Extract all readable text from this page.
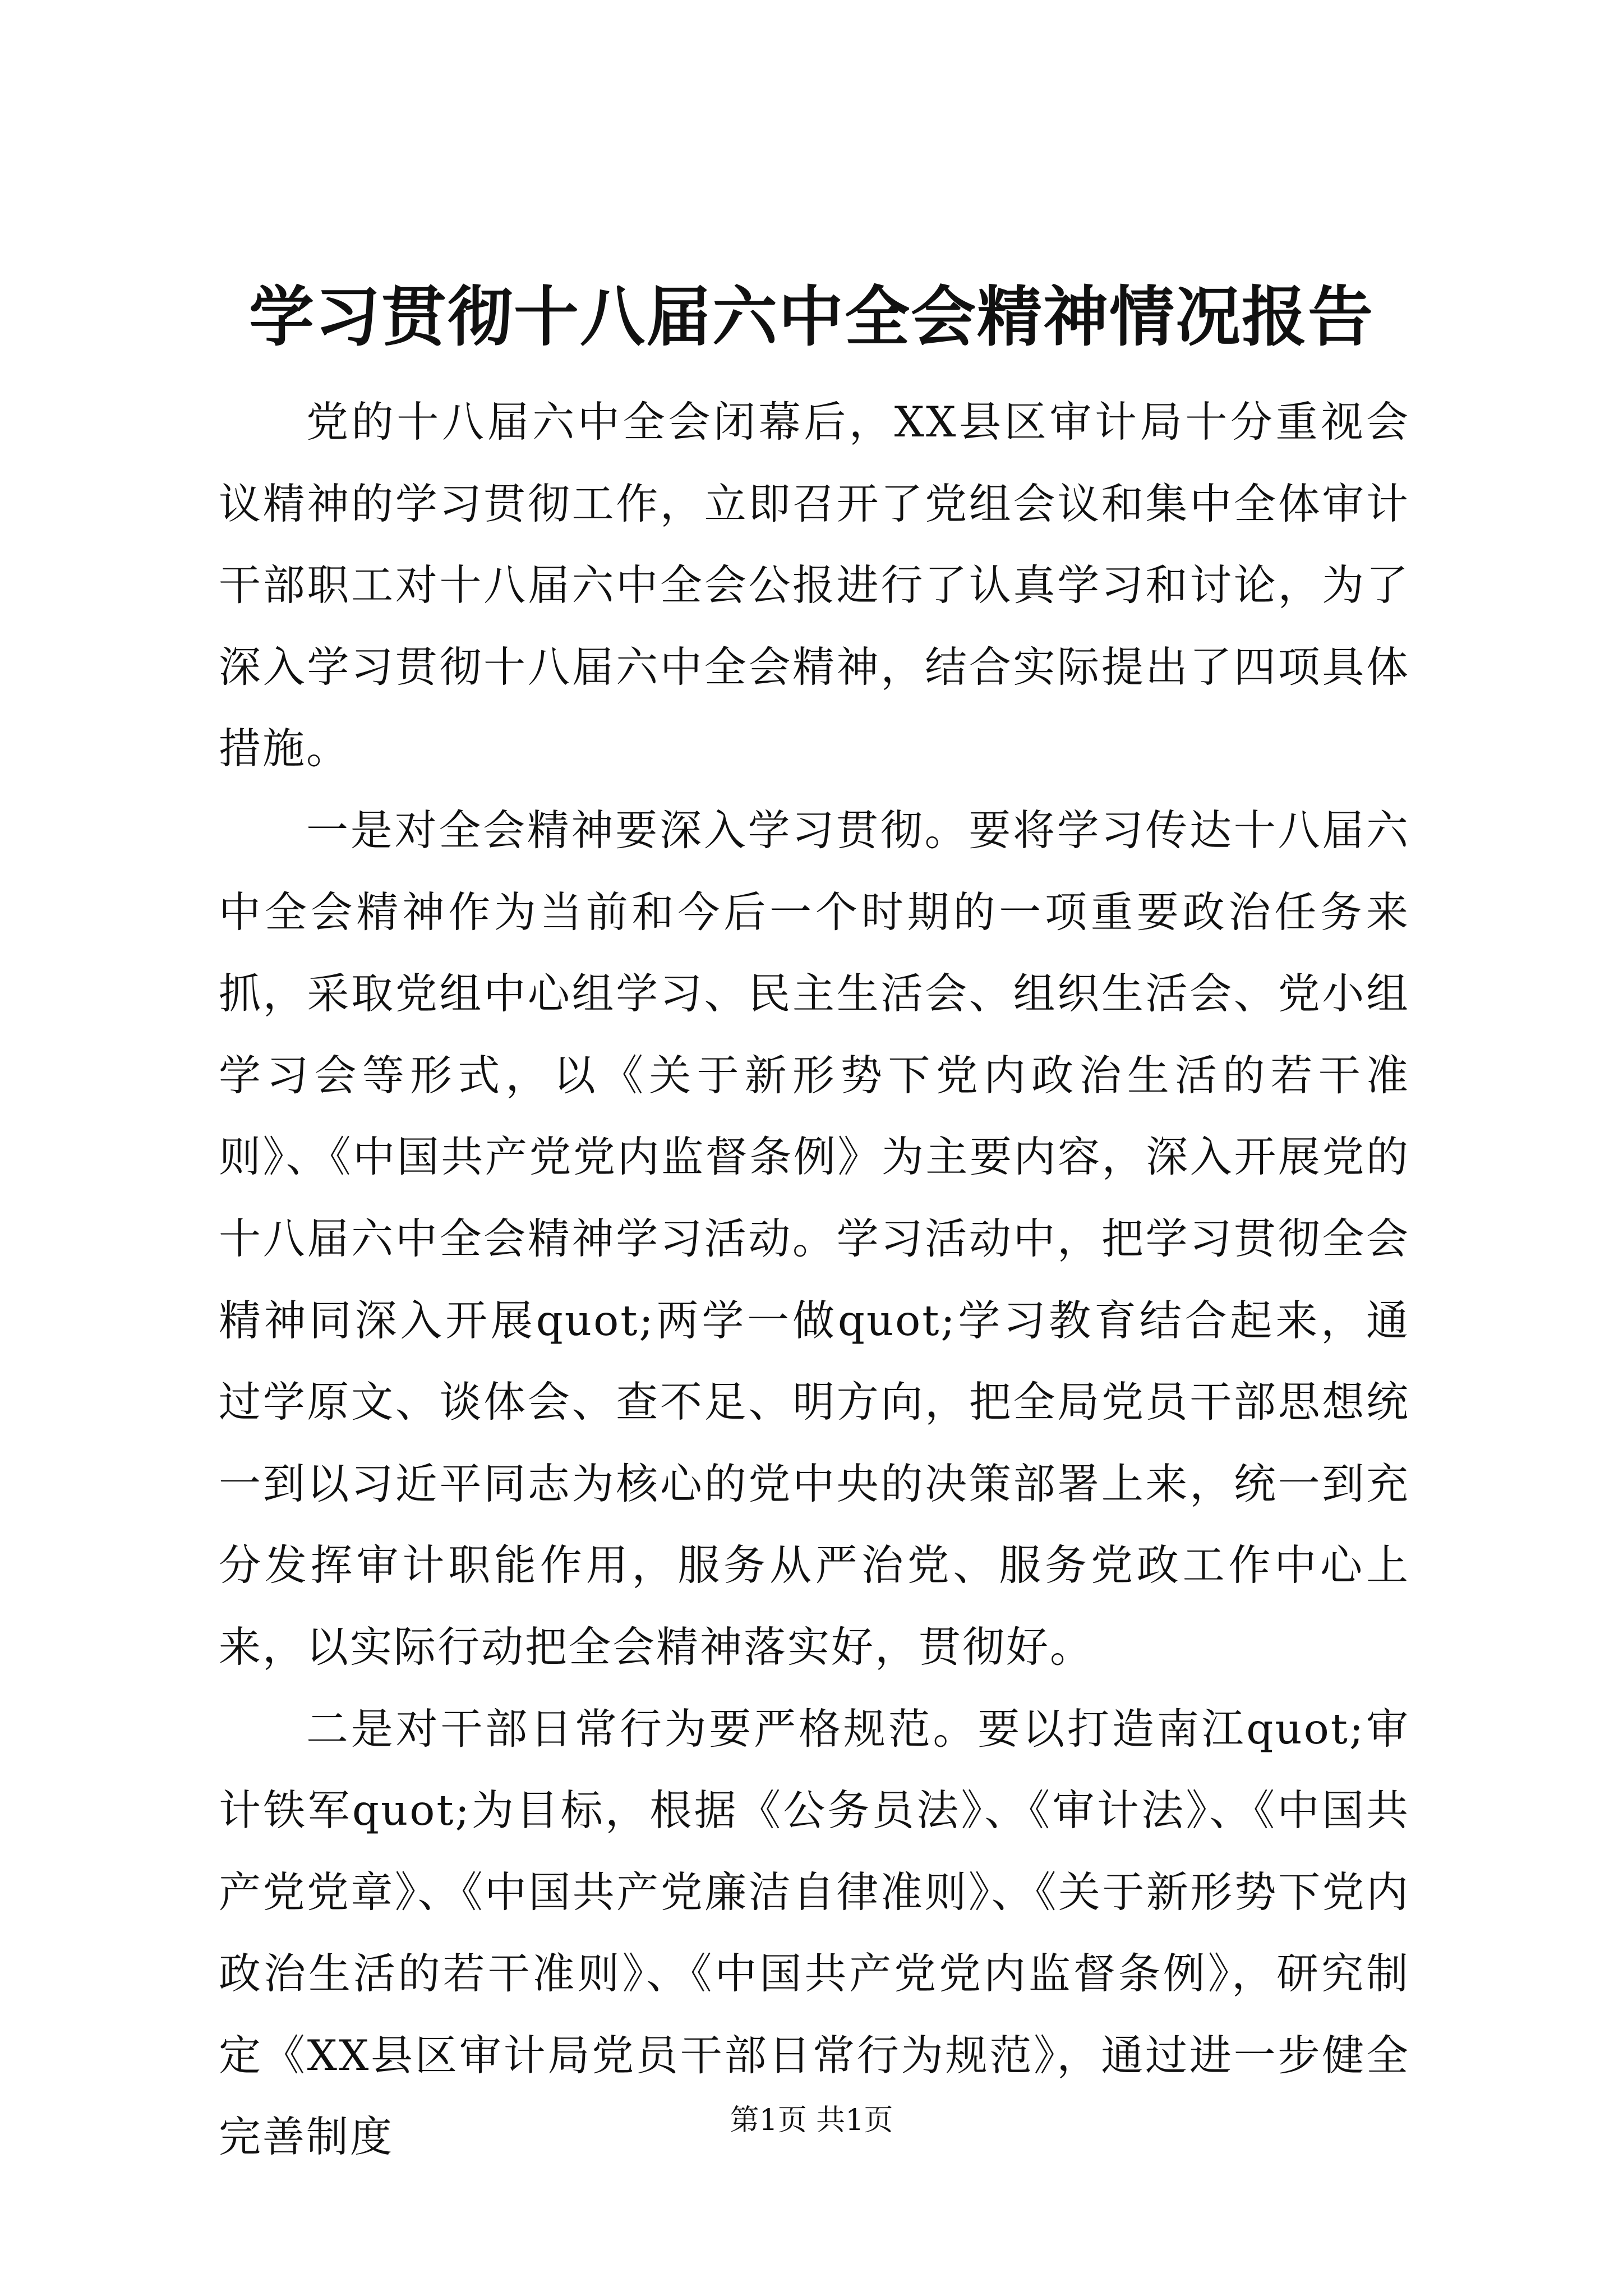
学习贯彻十八届六中全会精神情况报告

党的十八届六中全会闭幕后，XX县区审计局十分重视会议精神的学习贯彻工作，立即召开了党组会议和集中全体审计干部职工对十八届六中全会公报进行了认真学习和讨论，为了深入学习贯彻十八届六中全会精神，结合实际提出了四项具体措施。

一是对全会精神要深入学习贯彻。要将学习传达十八届六中全会精神作为当前和今后一个时期的一项重要政治任务来抓，采取党组中心组学习、民主生活会、组织生活会、党小组学习会等形式，以《关于新形势下党内政治生活的若干准则》、《中国共产党党内监督条例》为主要内容，深入开展党的十八届六中全会精神学习活动。学习活动中，把学习贯彻全会精神同深入开展quot;两学一做quot;学习教育结合起来，通过学原文、谈体会、查不足、明方向，把全局党员干部思想统一到以习近平同志为核心的党中央的决策部署上来，统一到充分发挥审计职能作用，服务从严治党、服务党政工作中心上来，以实际行动把全会精神落实好，贯彻好。

二是对干部日常行为要严格规范。要以打造南江quot;审计铁军quot;为目标，根据《公务员法》、《审计法》、《中国共产党党章》、《中国共产党廉洁自律准则》、《关于新形势下党内政治生活的若干准则》、《中国共产党党内监督条例》，研究制定《XX县区审计局党员干部日常行为规范》，通过进一步健全完善制度	第1页 共1页
